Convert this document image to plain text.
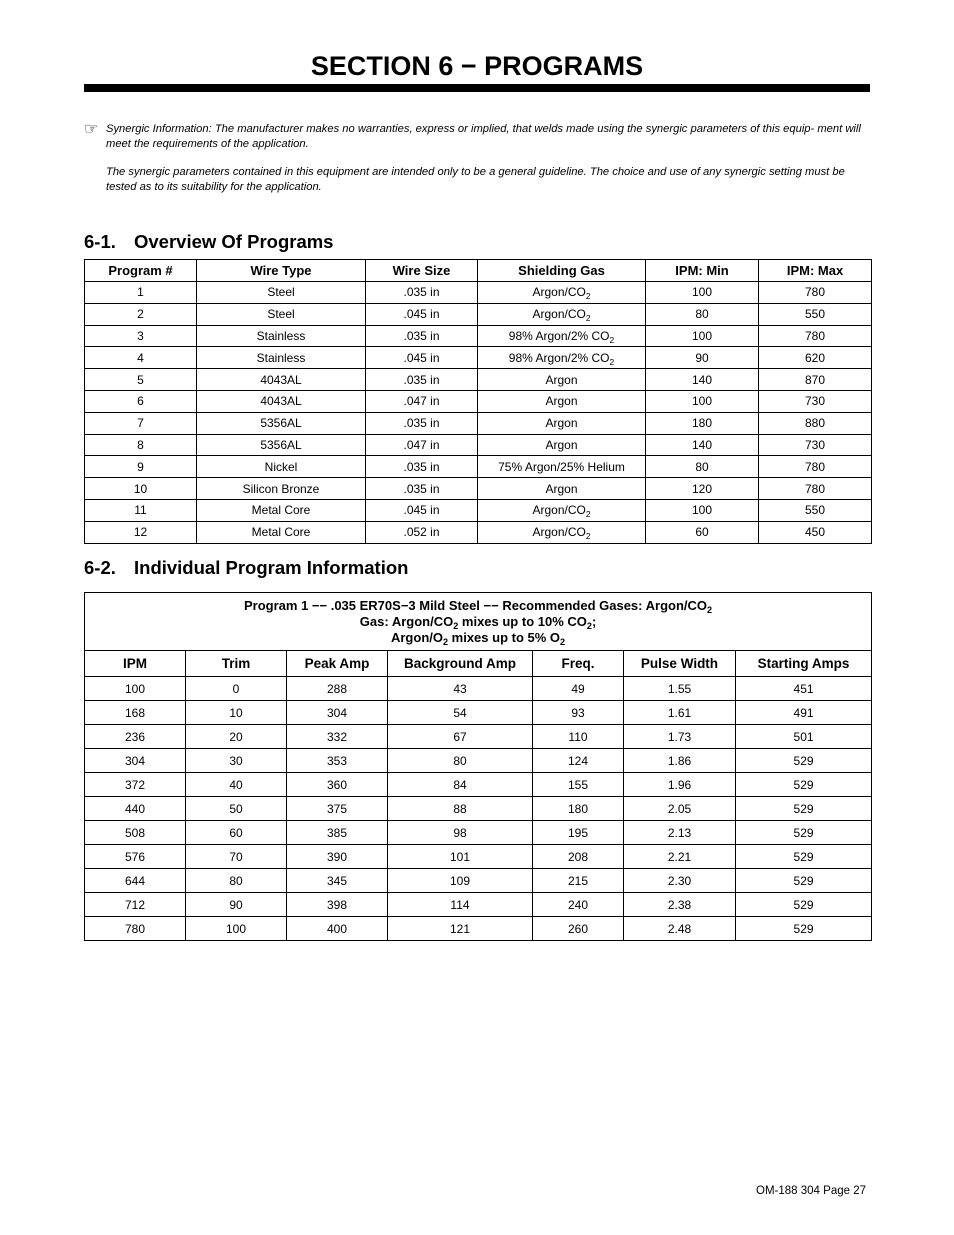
SECTION 6 − PROGRAMS
☞ Synergic Information: The manufacturer makes no warranties, express or implied, that welds made using the synergic parameters of this equip- ment will meet the requirements of the application.

The synergic parameters contained in this equipment are intended only to be a general guideline. The choice and use of any synergic setting must be tested as to its suitability for the application.

6-1. Overview Of Programs
Program #	Wire Type	Wire Size	Shielding Gas	IPM: Min	IPM: Max
1	Steel	.035 in	Argon/$CO_2$	100	780
2	Steel	.045 in	Argon/$CO_2$	80	550
3	Stainless	.035 in	98% Argon/2% $CO_2$	100	780
4	Stainless	.045 in	98% Argon/2% $CO_2$	90	620
5	4043AL	.035 in	Argon	140	870
6	4043AL	.047 in	Argon	100	730
7	5356AL	.035 in	Argon	180	880
8	5356AL	.047 in	Argon	140	730
9	Nickel	.035 in	75% Argon/25% Helium	80	780
10	Silicon Bronze	.035 in	Argon	120	780
11	Metal Core	.045 in	Argon/$CO_2$	100	550
12	Metal Core	.052 in	Argon/$CO_2$	60	450
6-2. Individual Program Information
Program 1 −− .035 ER70S−3 Mild Steel −− Recommended Gases: Argon/$CO_2$
Gas: Argon/$CO_2$ mixes up to 10% $CO_2$;
Argon/$O_2$ mixes up to 5% $O_2$

IPM	Trim	Peak Amp	Background Amp	Freq.	Pulse Width	Starting Amps
100	0	288	43	49	1.55	451
168	10	304	54	93	1.61	491
236	20	332	67	110	1.73	501
304	30	353	80	124	1.86	529
372	40	360	84	155	1.96	529
440	50	375	88	180	2.05	529
508	60	385	98	195	2.13	529
576	70	390	101	208	2.21	529
644	80	345	109	215	2.30	529
712	90	398	114	240	2.38	529
780	100	400	121	260	2.48	529
OM-188 304 Page 27
